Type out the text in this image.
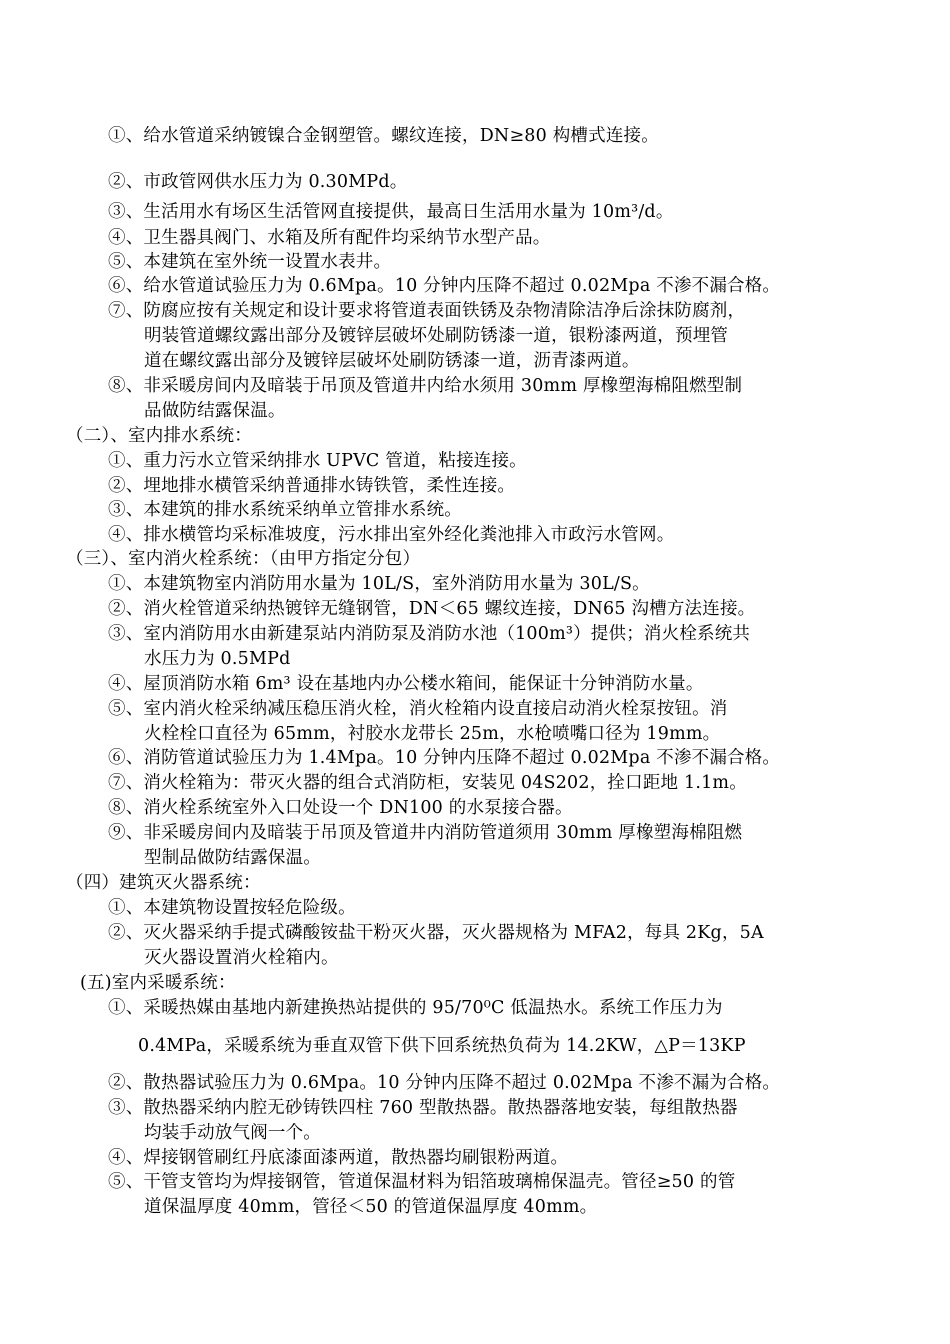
①、给水管道采纳镀镍合金钢塑管。螺纹连接，DN≥80 构槽式连接。
②、市政管网供水压力为 0.30MPd。
③、生活用水有场区生活管网直接提供，最高日生活用水量为 10m³/d。
④、卫生器具阀门、水箱及所有配件均采纳节水型产品。
⑤、本建筑在室外统一设置水表井。
⑥、给水管道试验压力为 0.6Mpa。10 分钟内压降不超过 0.02Mpa 不渗不漏合格。
⑦、防腐应按有关规定和设计要求将管道表面铁锈及杂物清除洁净后涂抹防腐剂，
明装管道螺纹露出部分及镀锌层破坏处刷防锈漆一道，银粉漆两道，预埋管
道在螺纹露出部分及镀锌层破坏处刷防锈漆一道，沥青漆两道。
⑧、非采暖房间内及暗装于吊顶及管道井内给水须用 30mm 厚橡塑海棉阻燃型制
品做防结露保温。
（二）、室内排水系统：
①、重力污水立管采纳排水 UPVC 管道，粘接连接。
②、埋地排水横管采纳普通排水铸铁管，柔性连接。
③、本建筑的排水系统采纳单立管排水系统。
④、排水横管均采标准坡度，污水排出室外经化粪池排入市政污水管网。
（三）、室内消火栓系统：（由甲方指定分包）
①、本建筑物室内消防用水量为 10L/S，室外消防用水量为 30L/S。
②、消火栓管道采纳热镀锌无缝钢管，DN＜65 螺纹连接，DN65 沟槽方法连接。
③、室内消防用水由新建泵站内消防泵及消防水池（100m³）提供；消火栓系统共
水压力为 0.5MPd
④、屋顶消防水箱 6m³ 设在基地内办公楼水箱间，能保证十分钟消防水量。
⑤、室内消火栓采纳减压稳压消火栓，消火栓箱内设直接启动消火栓泵按钮。消
火栓栓口直径为 65mm，衬胶水龙带长 25m，水枪喷嘴口径为 19mm。
⑥、消防管道试验压力为 1.4Mpa。10 分钟内压降不超过 0.02Mpa 不渗不漏合格。
⑦、消火栓箱为：带灭火器的组合式消防柜，安装见 04S202，拴口距地 1.1m。
⑧、消火栓系统室外入口处设一个 DN100 的水泵接合器。
⑨、非采暖房间内及暗装于吊顶及管道井内消防管道须用 30mm 厚橡塑海棉阻燃
型制品做防结露保温。
（四）建筑灭火器系统：
①、本建筑物设置按轻危险级。
②、灭火器采纳手提式磷酸铵盐干粉灭火器，灭火器规格为 MFA2，每具 2Kg，5A
灭火器设置消火栓箱内。
(五)室内采暖系统：
①、采暖热媒由基地内新建换热站提供的 95/70⁰C 低温热水。系统工作压力为
0.4MPa，采暖系统为垂直双管下供下回系统热负荷为 14.2KW，△P＝13KP
②、散热器试验压力为 0.6Mpa。10 分钟内压降不超过 0.02Mpa 不渗不漏为合格。
③、散热器采纳内腔无砂铸铁四柱 760 型散热器。散热器落地安装，每组散热器
均装手动放气阀一个。
④、焊接钢管刷红丹底漆面漆两道，散热器均刷银粉两道。
⑤、干管支管均为焊接钢管，管道保温材料为铝箔玻璃棉保温壳。管径≥50 的管
道保温厚度 40mm，管径＜50 的管道保温厚度 40mm。
